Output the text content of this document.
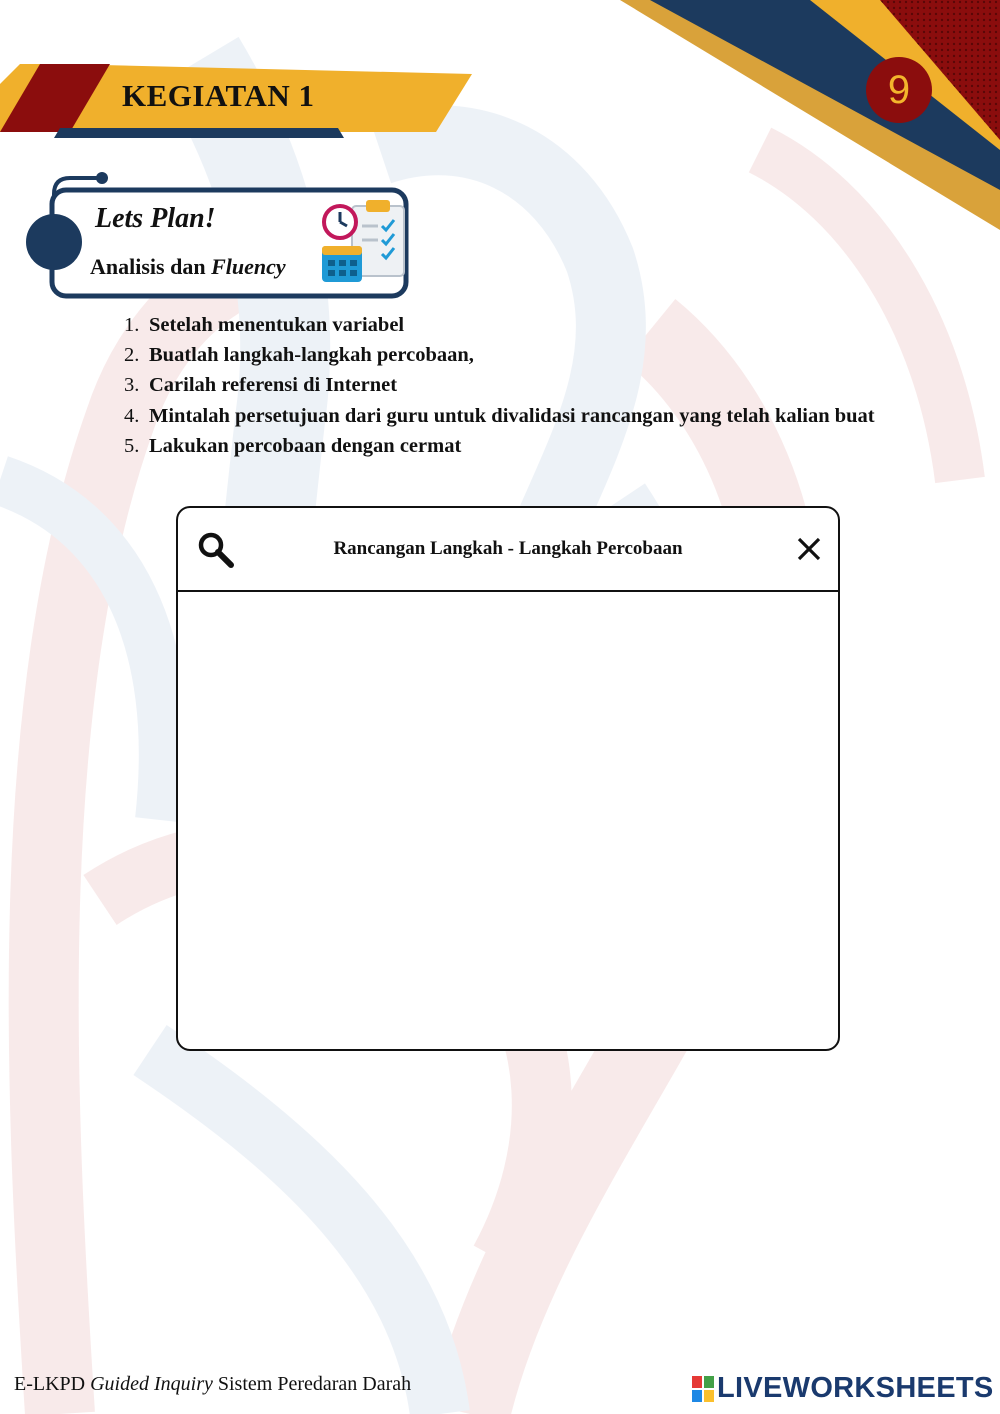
9
KEGIATAN 1
Lets Plan!
Analisis dan Fluency
1. Setelah menentukan variabel
2. Buatlah langkah-langkah percobaan,
3. Carilah referensi di Internet
4. Mintalah persetujuan dari guru untuk divalidasi rancangan yang telah kalian buat
5. Lakukan percobaan dengan cermat
Rancangan Langkah - Langkah Percobaan
E-LKPD Guided Inquiry Sistem Peredaran Darah	LIVEWORKSHEETS
